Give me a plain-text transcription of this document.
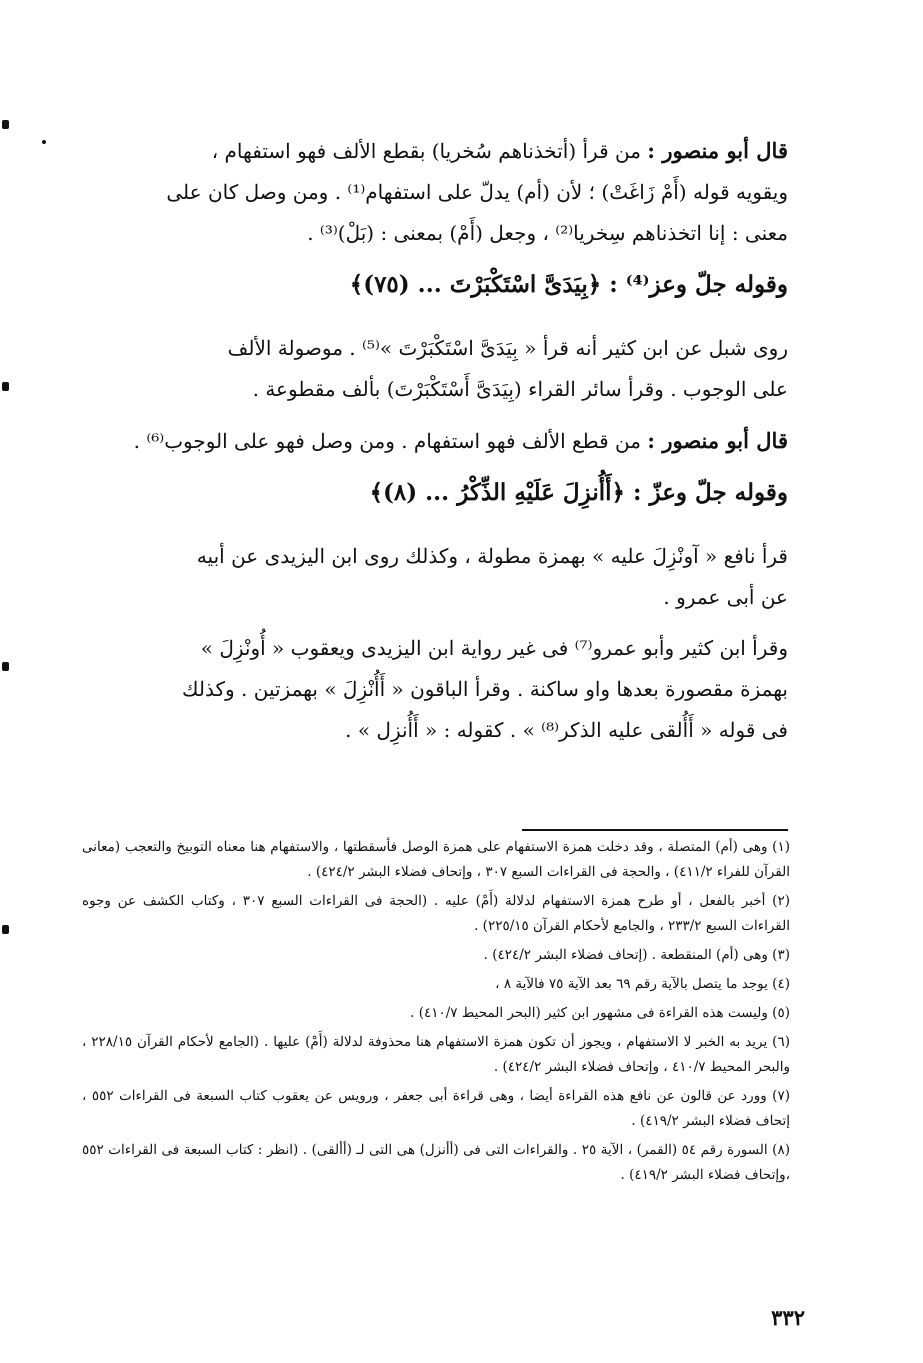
قال أبو منصور : من قرأ (أتخذناهم سُخريا) بقطع الألف فهو استفهام ،

ويقويه قوله (أَمْ زَاغَتْ) ؛ لأن (أم) يدلّ على استفهام⁽¹⁾ . ومن وصل كان على

معنى : إنا اتخذناهم سِخريا⁽²⁾ ، وجعل (أَمْ) بمعنى : (بَلْ)⁽³⁾ .

وقوله جلّ وعز⁽⁴⁾ : ﴿بِيَدَىَّ اسْتَكْبَرْتَ ... (٧٥)﴾

روى شبل عن ابن كثير أنه قرأ « بِيَدَىَّ اسْتَكْبَرْتَ »⁽⁵⁾ . موصولة الألف

على الوجوب . وقرأ سائر القراء (بِيَدَىَّ أَسْتَكْبَرْتَ) بألف مقطوعة .

قال أبو منصور : من قطع الألف فهو استفهام . ومن وصل فهو على الوجوب⁽⁶⁾ .

وقوله جلّ وعزّ : ﴿أَأُنزِلَ عَلَيْهِ الذِّكْرُ ... (٨)﴾

قرأ نافع « آونْزِلَ عليه » بهمزة مطولة ، وكذلك روى ابن اليزيدى عن أبيه

عن أبى عمرو .

وقرأ ابن كثير وأبو عمرو⁽⁷⁾ فى غير رواية ابن اليزيدى ويعقوب « أُونْزِلَ »

بهمزة مقصورة بعدها واو ساكنة . وقرأ الباقون « أَأُنْزِلَ » بهمزتين . وكذلك

فى قوله « أَأُلقى عليه الذكر⁽⁸⁾ » . كقوله : « أَأُنزِل » .

(١) وهى (أم) المتصلة ، وقد دخلت همزة الاستفهام على همزة الوصل فأسقطتها ، والاستفهام هنا معناه التوبيخ والتعجب (معانى القرآن للفراء ٤١١/٢) ، والحجة فى القراءات السبع ٣٠٧ ، وإتحاف فضلاء البشر ٤٢٤/٢) .

(٢) أخبر بالفعل ، أو طرح همزة الاستفهام لدلالة (أَمْ) عليه . (الحجة فى القراءات السبع ٣٠٧ ، وكتاب الكشف عن وجوه القراءات السبع ٢٣٣/٢ ، والجامع لأحكام القرآن ٢٢٥/١٥) .

(٣) وهى (أم) المنقطعة . (إتحاف فضلاء البشر ٤٢٤/٢) .

(٤) يوجد ما يتصل بالآية رقم ٦٩ بعد الآية ٧٥ فالآية ٨ ،

(٥) وليست هذه القراءة فى مشهور ابن كثير (البحر المحيط ٤١٠/٧) .

(٦) يريد به الخبر لا الاستفهام ، ويجوز أن تكون همزة الاستفهام هنا محذوفة لدلالة (أَمْ) عليها . (الجامع لأحكام القرآن ٢٢٨/١٥ ، والبحر المحيط ٤١٠/٧ ، وإتحاف فضلاء البشر ٤٢٤/٢) .

(٧) وورد عن قالون عن نافع هذه القراءة أيضا ، وهى قراءة أبى جعفر ، ورويس عن يعقوب كتاب السبعة فى القراءات ٥٥٢ ، إتحاف فضلاء البشر ٤١٩/٢) .

(٨) السورة رقم ٥٤ (القمر) ، الآية ٢٥ . والقراءات التى فى (أأنزل) هى التى لـ (أألقى) . (انظر : كتاب السبعة فى القراءات ٥٥٢ ،وإتحاف فضلاء البشر ٤١٩/٢) .

٣٣٢
